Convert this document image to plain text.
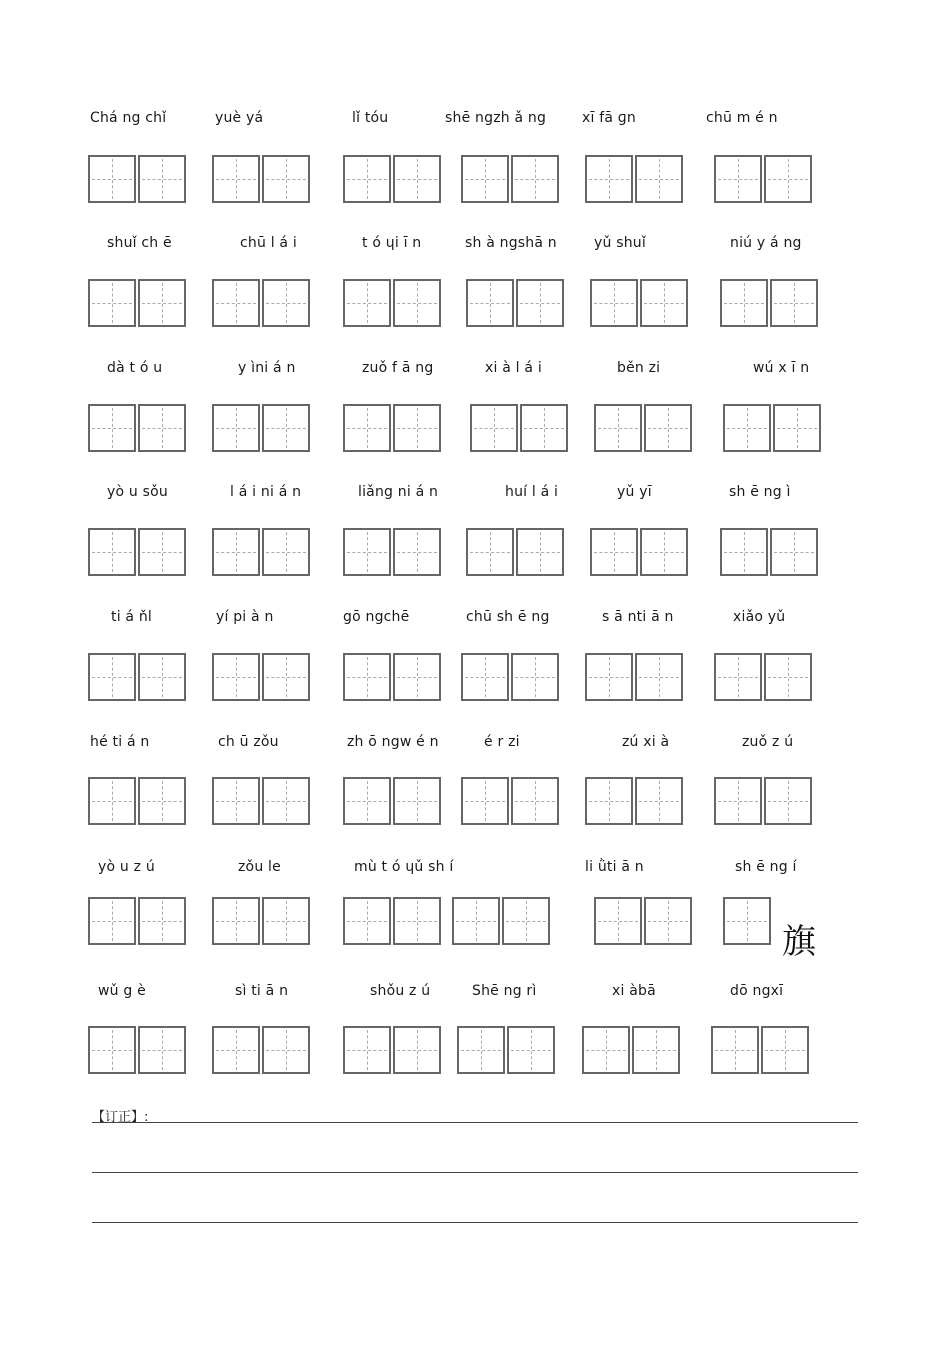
Chá ng chǐ	yuè yá	lǐ tóu	shē ngzh ǎ ng	xī fā ɡn	chū m é n
shuǐ ch ē	chū l á i	t ó ɥi ī n	sh à ngshā n	yǔ shuǐ	niú y á ng
dà t ó u	y ìni á n	zuǒ f ā ng	xi à l á i	běn zi	wú x ī n
yò u sǒu	l á i ni á n	liǎng ni á n	huí l á i	yǔ yī	sh ē ng ì
ti á ňl	yí pi à n	gō ngchē	chū sh ē ng	s ā nti ā n	xiǎo yǔ
hé ti á n	ch ū zǒu	zh ō ngw é n	é r zi	zú xi à	zuǒ z ú
yò u z ú	zǒu le	mù t ó ɥǔ sh í	li ǜti ā n	sh ē ng í
旗
wǔ g è	sì ti ā n	shǒu z ú	Shē ng rì	xi àbā	dō ngxī
【订正】:
